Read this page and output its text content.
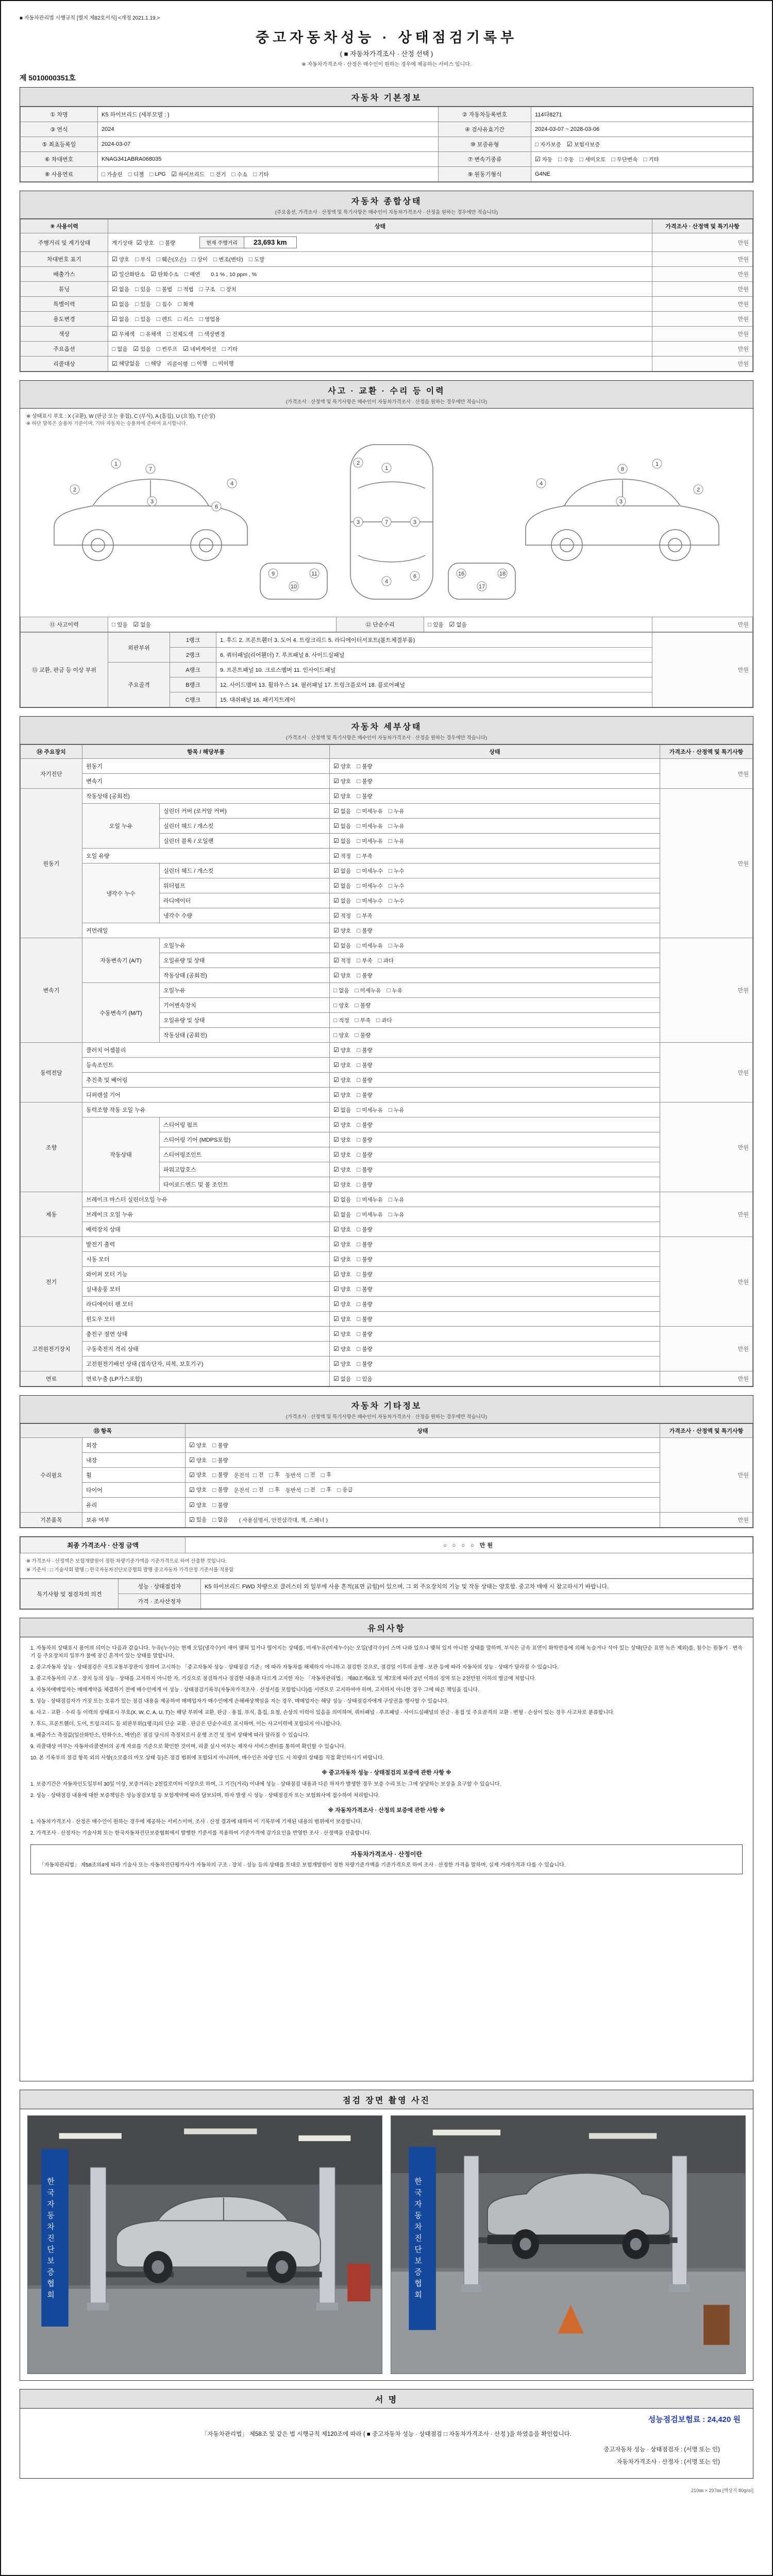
■ 자동차관리법 시행규칙 [별지 제82호서식] <개정 2021.1.19.>
중고자동차성능 · 상태점검기록부
( ■ 자동차가격조사 · 산정 선택 )
※ 자동차가격조사 · 산정은 매수인이 원하는 경우에 제공하는 서비스 입니다.
제 5010000351호
자동차 기본정보
① 차명	K5 하이브리드 (세부모델 : )	② 자동차등록번호	114타8271
③ 연식	2024	④ 검사유효기간	2024-03-07 ~ 2028-03-06
⑤ 최초등록일	2024-03-07	⑩ 보증유형	□ 자가보증 ☑ 보험사보증

⑥ 차대번호	KNAG341ABRA068035	⑦ 변속기종류	☑ 자동 □ 수동 □ 세미오토 □ 무단변속 □ 기타

⑧ 사용연료	□ 가솔린 □ 디젤 □ LPG ☑ 하이브리드 □ 전기 □ 수소 □ 기타	⑨ 원동기형식	G4NE
자동차 종합상태
(주요옵션, 가격조사 · 산정액 및 특기사항은 매수인이 자동차가격조사 · 산정을 원하는 경우에만 적습니다)
⑨ 사용이력	상태	가격조사 · 산정액 및 특기사항
주행거리 및 계기상태	계기상태 ☑ 양호 □ 불량	현재 주행거리	23,693 km	만원
차대번호 표기	☑ 양호 □ 부식 □ 훼손(오손) □ 상이 □ 변조(변타) □ 도말	만원
배출가스	☑ 일산화탄소 ☑ 탄화수소 □ 매연 0.1 % , 10 ppm , %	만원
튜닝	☑ 없음 □ 있음 □ 불법 □ 적법 □ 구조 □ 장치	만원
특별이력	☑ 없음 □ 있음 □ 침수 □ 화재	만원
용도변경	☑ 없음 □ 있음 □ 렌트 □ 리스 □ 영업용	만원
색상	☑ 무채색 □ 유채색 □ 전체도색 □ 색상변경	만원
주요옵션	□ 없음 ☑ 있음 □ 썬루프 ☑ 네비게이션 □ 기타	만원
리콜대상	☑ 해당없음 □ 해당 리콜이행 □ 이행 □ 미이행	만원
사고 · 교환 · 수리 등 이력
(가격조사 · 산정액 및 특기사항은 매수인이 자동차가격조사 · 산정을 원하는 경우에만 적습니다)
※ 상태표시 부호 : X (교환), W (판금 또는 용접), C (부식), A (흠집), U (요철), T (손상)
※ 하단 항목은 승용차 기준이며, 기타 자동차는 승용차에 준하여 표시합니다.
1
2
3
4
6
7	1
7
4
3	3
2
6
1
2
3
4
8
9
10
11	16
17
18
⑪ 사고이력	□ 있음 ☑ 없음	⑫ 단순수리	□ 있음 ☑ 없음	만원
⑬ 교환, 판금 등 이상 부위	외판부위	1랭크	1. 후드 2. 프론트휀더 3. 도어 4. 트렁크리드 5. 라디에이터서포트(볼트체결부품)	만원
		2랭크	6. 쿼터패널(리어휀더) 7. 루프패널 8. 사이드실패널	
	주요골격	A랭크	9. 프론트패널 10. 크로스멤버 11. 인사이드패널	
		B랭크	12. 사이드멤버 13. 휠하우스 14. 필러패널 17. 트렁크플로어 18. 플로어패널	
		C랭크	15. 대쉬패널 16. 패키지트레이	
자동차 세부상태
(가격조사 · 산정액 및 특기사항은 매수인이 자동차가격조사 · 산정을 원하는 경우에만 적습니다)
⑭ 주요장치	항목 / 해당부품		상태	가격조사 · 산정액 및 특기사항
자기진단	원동기		☑ 양호 □ 불량	만원
	변속기		☑ 양호 □ 불량	

원동기	작동상태 (공회전)		☑ 양호 □ 불량	만원
오일 누유	실린더 커버 (로커암 커버)	☑ 없음 □ 미세누유 □ 누유

실린더 헤드 / 개스킷	☑ 없음 □ 미세누유 □ 누유

실린더 블록 / 오일팬	☑ 없음 □ 미세누유 □ 누유

	오일 유량		☑ 적정 □ 부족	

냉각수 누수	실린더 헤드 / 개스킷	☑ 없음 □ 미세누수 □ 누수

워터펌프	☑ 없음 □ 미세누수 □ 누수

라디에이터	☑ 없음 □ 미세누수 □ 누수

		냉각수 수량	☑ 적정 □ 부족	

	커먼레일		☑ 양호 □ 불량	

변속기	자동변속기 (A/T)	오일누유	☑ 없음 □ 미세누유 □ 누유
	만원
오일유량 및 상태	☑ 적정 □ 부족 □ 과다

		작동상태 (공회전)	☑ 양호 □ 불량	

수동변속기 (M/T)	오일누유	□ 없음 □ 미세누유 □ 누유

		기어변속장치	□ 양호 □ 불량	

오일유량 및 상태	□ 적정 □ 부족 □ 과다

		작동상태 (공회전)	□ 양호 □ 불량	

동력전달	클러치 어셈블리		☑ 양호 □ 불량	만원
	등속조인트		☑ 양호 □ 불량	

	추진축 및 베어링		☑ 양호 □ 불량	

	디퍼렌셜 기어		☑ 양호 □ 불량	

조향	동력조향 작동 오일 누유	☑ 없음 □ 미세누유 □ 누유
	만원
	작동상태	스티어링 펌프	☑ 양호 □ 불량	

		스티어링 기어 (MDPS포함)	☑ 양호 □ 불량	

		스티어링조인트	☑ 양호 □ 불량	

		파워고압호스	☑ 양호 □ 불량	

		타이로드엔드 및 볼 조인트	☑ 양호 □ 불량	

제동	브레이크 마스터 실린더오일 누유	☑ 없음 □ 미세누유 □ 누유
	만원
브레이크 오일 누유	☑ 없음 □ 미세누유 □ 누유

	배력장치 상태		☑ 양호 □ 불량	

전기	발전기 출력		☑ 양호 □ 불량	만원
	시동 모터		☑ 양호 □ 불량	

	와이퍼 모터 기능		☑ 양호 □ 불량	

	실내송풍 모터		☑ 양호 □ 불량	

	라디에이터 팬 모터		☑ 양호 □ 불량	

	윈도우 모터		☑ 양호 □ 불량	

고전원전기장치	충전구 절연 상태		☑ 양호 □ 불량	만원
	구동축전지 격리 상태		☑ 양호 □ 불량	

	고전원전기배선 상태 (접속단자, 피복, 보호기구)		☑ 양호 □ 불량	

연료	연료누출 (LP가스포함)		☑ 없음 □ 있음	만원
자동차 기타정보
(가격조사 · 산정액 및 특기사항은 매수인이 자동차가격조사 · 산정을 원하는 경우에만 적습니다)
⑮ 항목		상태	가격조사 · 산정액 및 특기사항
수리필요	외장	☑ 양호 □ 불량	만원
	내장	☑ 양호 □ 불량	

휠	☑ 양호 □ 불량 운전석 □ 전 □ 후 동반석 □ 전 □ 후

타이어	☑ 양호 □ 불량 운전석 □ 전 □ 후 동반석 □ 전 □ 후 □ 응급

	유리	☑ 양호 □ 불량	

기본품목	보유 여부	☑ 있음 □ 없음 ( 사용설명서, 안전삼각대, 잭, 스패너 )	만원
최종 가격조사 · 산정 금액	○ ○ ○ ○ 만원
※ 가격조사 · 산정액은 보험개발원이 정한 차량기준가액을 기준가격으로 하여 산출한 것입니다.
※ 기준서 : □ 기술사회 발행 □ 한국자동차진단보증협회 발행 중고자동차 가격산정 기준서를 적용함
특기사항 및 점검자의 의견	성능 · 상태점검자	K5 하이브리드 FWD 차량으로 클러스터 외 일부에 사용 흔적(표면 긁힘)이 있으며, 그 외 주요장치의 기능 및 작동 상태는 양호함. 중고차 매매 시 참고하시기 바랍니다.
	가격 · 조사산정자	
유의사항
1. 자동차의 상태표시 용어의 의미는 다음과 같습니다. 누유(누수)는 현재 오일(냉각수)이 새어 맺혀 있거나 떨어지는 상태를, 미세누유(미세누수)는 오일(냉각수)이 스며 나와 있으나 맺혀 있지 아니한 상태를 말하며, 부식은 금속 표면이 화학반응에 의해 녹슬거나 삭아 있는 상태(단순 표면 녹은 제외)를, 침수는 원동기 · 변속기 등 주요장치의 일부가 물에 잠긴 흔적이 있는 상태를 말합니다.
2. 중고자동차 성능 · 상태점검은 국토교통부장관이 정하여 고시하는 「중고자동차 성능 · 상태점검 기준」에 따라 자동차를 해체하지 아니하고 점검한 것으로, 점검일 이후의 운행 · 보관 등에 따라 자동차의 성능 · 상태가 달라질 수 있습니다.
3. 중고자동차의 구조 · 장치 등의 성능 · 상태를 고지하지 아니한 자, 거짓으로 점검하거나 점검한 내용과 다르게 고지한 자는 「자동차관리법」 제80조제6호 및 제7호에 따라 2년 이하의 징역 또는 2천만원 이하의 벌금에 처합니다.
4. 자동차매매업자는 매매계약을 체결하기 전에 매수인에게 이 성능 · 상태점검기록부(자동차가격조사 · 산정서를 포함합니다)를 서면으로 고지하여야 하며, 고지하지 아니한 경우 그에 따른 책임을 집니다.
5. 성능 · 상태점검자가 거짓 또는 오류가 있는 점검 내용을 제공하여 매매업자가 매수인에게 손해배상책임을 지는 경우, 매매업자는 해당 성능 · 상태점검자에게 구상권을 행사할 수 있습니다.
6. 사고 · 교환 · 수리 등 이력의 상태표시 부호(X, W, C, A, U, T)는 해당 부위에 교환, 판금 · 용접, 부식, 흠집, 요철, 손상의 이력이 있음을 의미하며, 쿼터패널 · 루프패널 · 사이드실패널의 판금 · 용접 및 주요골격의 교환 · 변형 · 손상이 있는 경우 사고차로 분류합니다.
7. 후드, 프론트휀더, 도어, 트렁크리드 등 외판부위(1랭크)의 단순 교환 · 판금은 단순수리로 표시하며, 이는 사고이력에 포함되지 아니합니다.
8. 배출가스 측정값(일산화탄소, 탄화수소, 매연)은 점검 당시의 측정치로서 운행 조건 및 정비 상태에 따라 달라질 수 있습니다.
9. 리콜대상 여부는 자동차리콜센터의 공개 자료를 기준으로 확인한 것이며, 리콜 실시 여부는 제작사 서비스센터를 통하여 확인할 수 있습니다.
10. 본 기록부의 점검 항목 외의 사항(소모품의 마모 상태 등)은 점검 범위에 포함되지 아니하며, 매수인은 차량 인도 시 차량의 상태를 직접 확인하시기 바랍니다.
※ 중고자동차 성능 · 상태점검의 보증에 관한 사항 ※
1. 보증기간은 자동차인도일부터 30일 이상, 보증거리는 2천킬로미터 이상으로 하며, 그 기간(거리) 이내에 성능 · 상태점검 내용과 다른 하자가 발생한 경우 보증 수리 또는 그에 상당하는 보상을 요구할 수 있습니다.
2. 성능 · 상태점검 내용에 대한 보증책임은 성능점검보험 등 보험계약에 따라 담보되며, 하자 발생 시 성능 · 상태점검자 또는 보험회사에 접수하여 처리합니다.
※ 자동차가격조사 · 산정의 보증에 관한 사항 ※
1. 자동차가격조사 · 산정은 매수인이 원하는 경우에 제공하는 서비스이며, 조사 · 산정 결과에 대하여 이 기록부에 기재된 내용의 범위에서 보증합니다.
2. 가격조사 · 산정자는 기술사회 또는 한국자동차진단보증협회에서 발행한 기준서를 적용하여 기준가격에 감가요인을 반영한 조사 · 산정액을 산출합니다.
자동차가격조사 · 산정이란
「자동차관리법」 제58조의4에 따라 기술사 또는 자동차진단평가사가 자동차의 구조 · 장치 · 성능 등의 상태를 토대로 보험개발원이 정한 차량기준가액을 기준가격으로 하여 조사 · 산정한 가격을 말하며, 실제 거래가격과 다를 수 있습니다.
점검 장면 촬영 사진
한국자동차진단보증협회	한국자동차진단보증협회
서 명
성능점검보험료 : 24,420 원
「자동차관리법」 제58조 및 같은 법 시행규칙 제120조에 따라 ( ■ 중고자동차 성능 · 상태점검 □ 자동차가격조사 · 산정 )을 하였음을 확인합니다.
중고자동차 성능 · 상태점검자 : (서명 또는 인)
자동차가격조사 · 산정자 : (서명 또는 인)
210㎜ × 297㎜ [백상지 80g/㎡]
